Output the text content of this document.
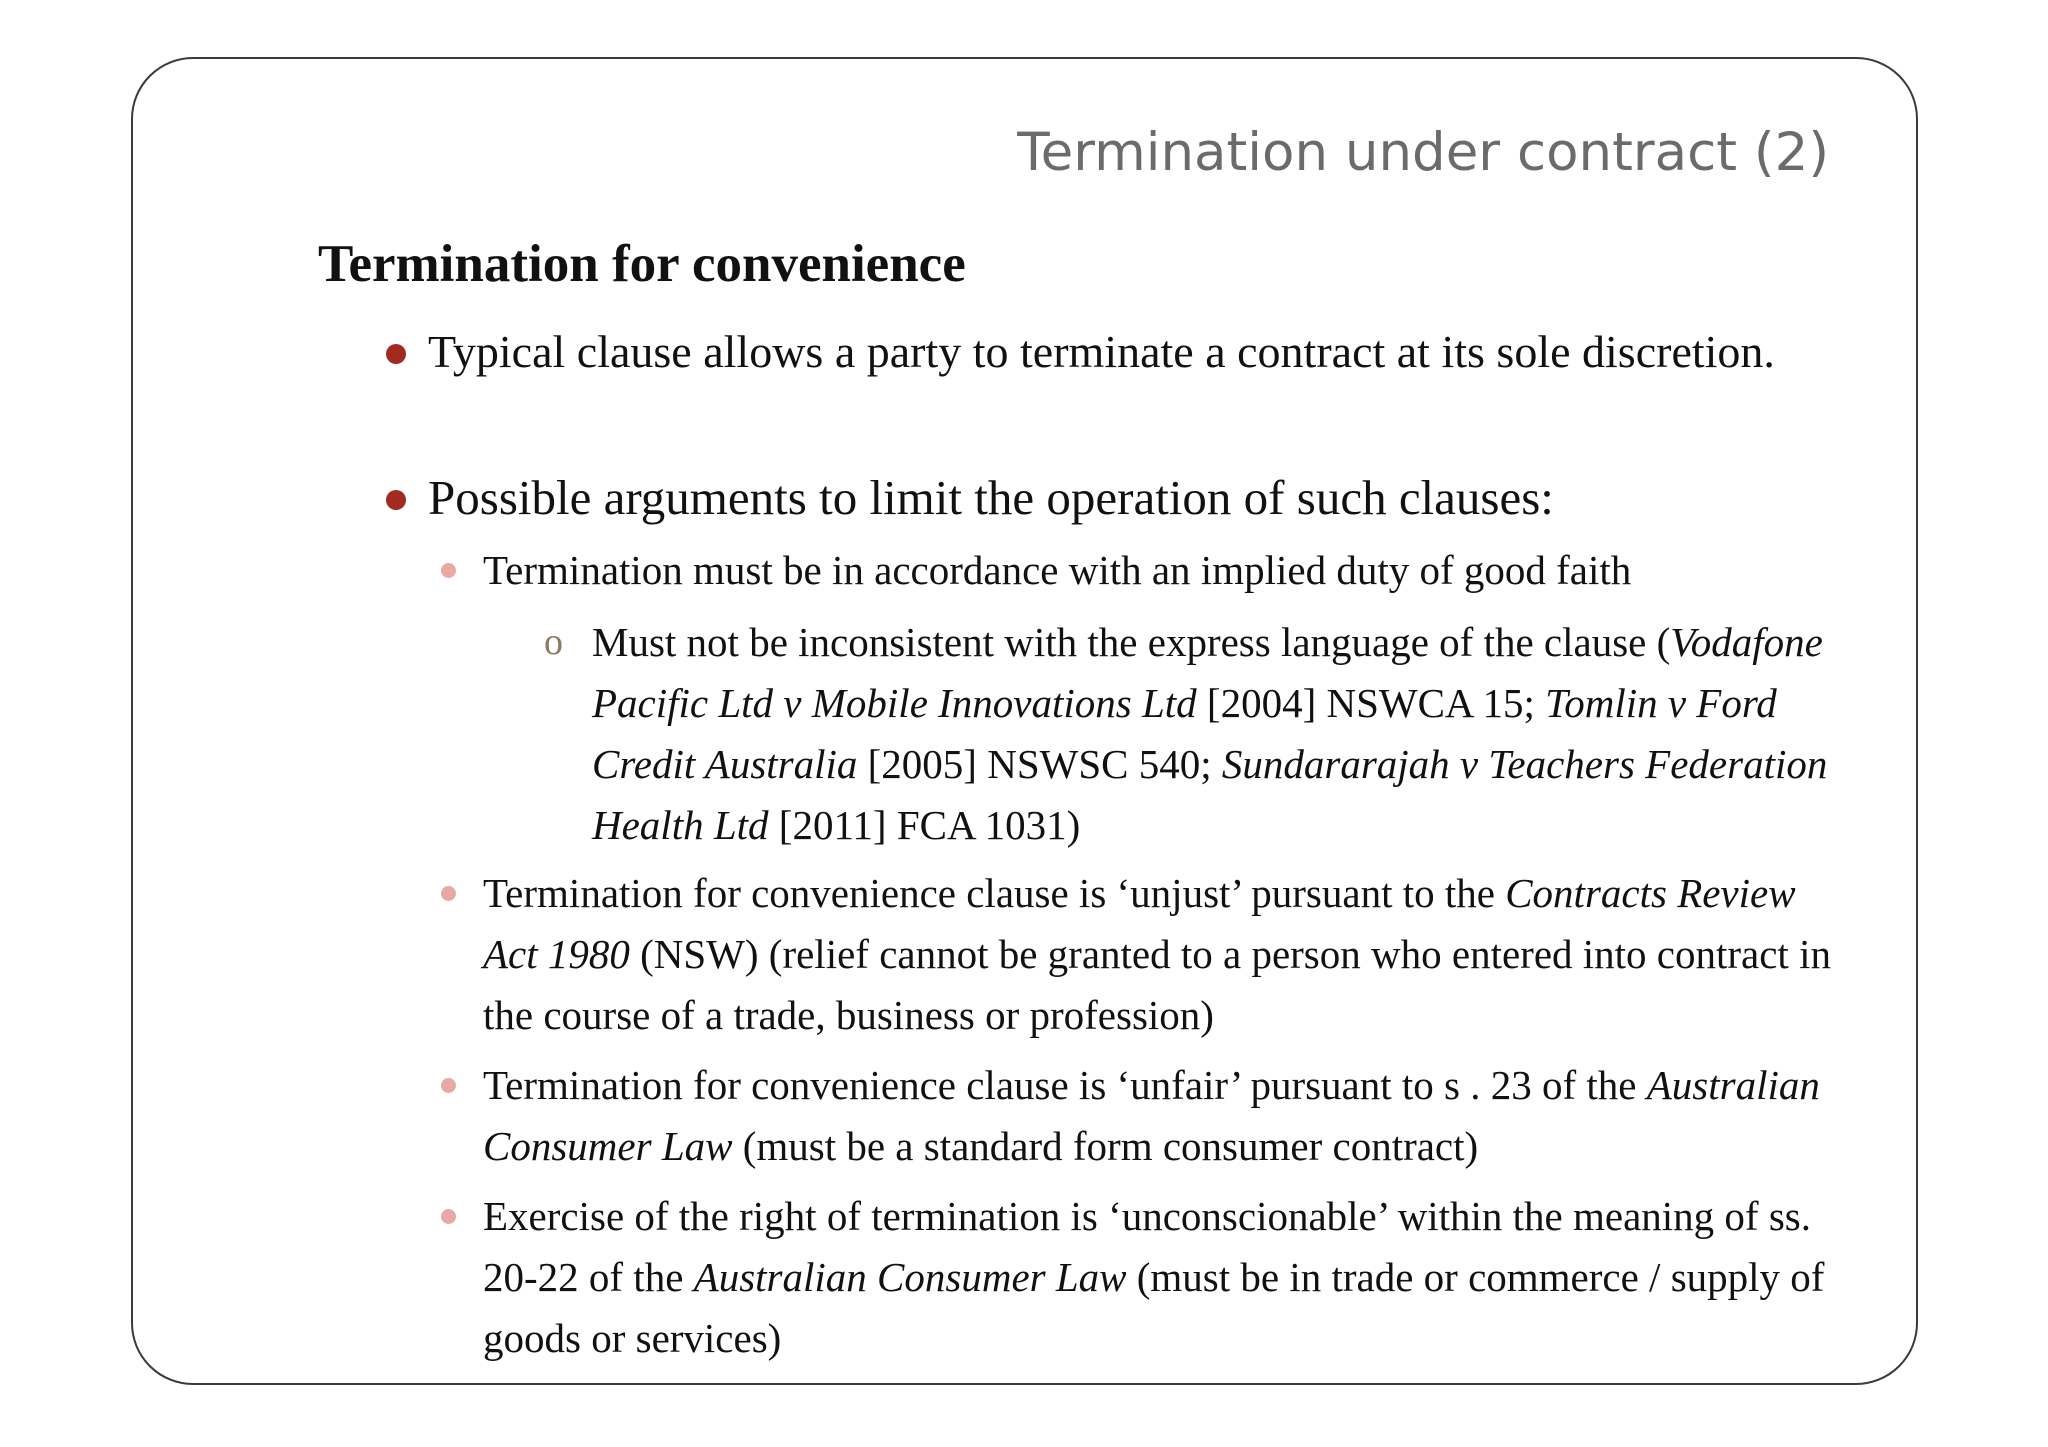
Termination under contract (2)
Termination for convenience
Typical clause allows a party to terminate a contract at its sole discretion.
Possible arguments to limit the operation of such clauses:
Termination must be in accordance with an implied duty of good faith
o Must not be inconsistent with the express language of the clause (Vodafone Pacific Ltd v Mobile Innovations Ltd [2004] NSWCA 15; Tomlin v Ford Credit Australia [2005] NSWSC 540; Sundararajah v Teachers Federation Health Ltd [2011] FCA 1031)
Termination for convenience clause is ‘unjust’ pursuant to the Contracts Review Act 1980 (NSW) (relief cannot be granted to a person who entered into contract in the course of a trade, business or profession)
Termination for convenience clause is ‘unfair’ pursuant to s . 23 of the Australian Consumer Law (must be a standard form consumer contract)
Exercise of the right of termination is ‘unconscionable’ within the meaning of ss. 20-22 of the Australian Consumer Law (must be in trade or commerce / supply of goods or services)
